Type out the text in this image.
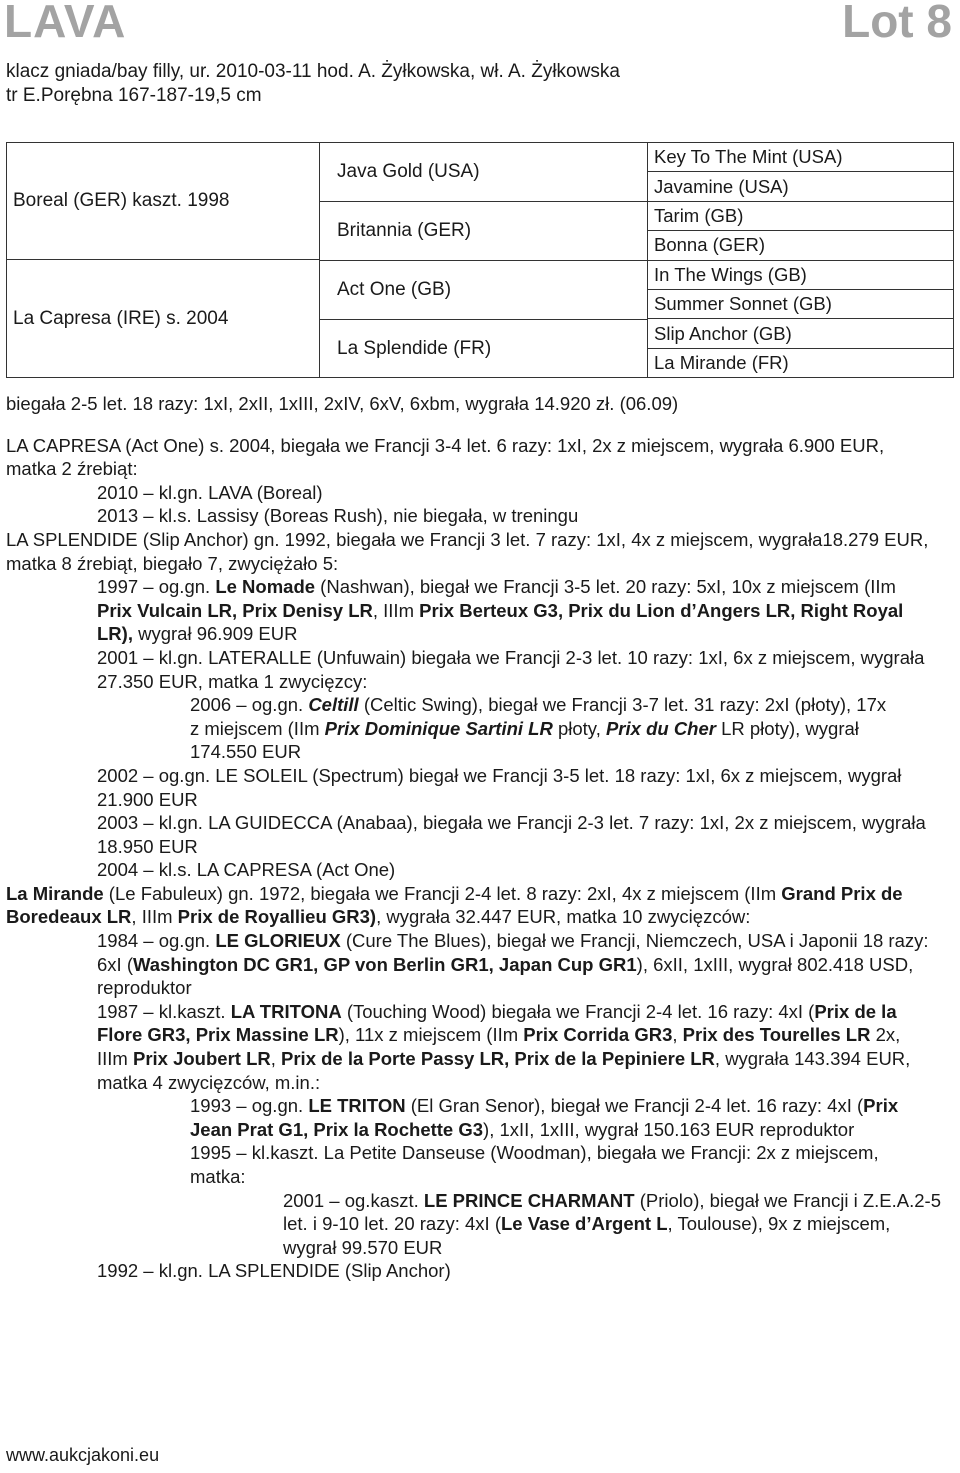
LAVA	Lot 8
klacz gniada/bay filly, ur. 2010-03-11 hod. A. Żyłkowska, wł. A. Żyłkowska
tr E.Porębna 167-187-19,5 cm
Boreal (GER) kaszt. 1998
La Capresa (IRE) s. 2004
Java Gold (USA)
Britannia (GER)
Act One (GB)
La Splendide (FR)
Key To The Mint (USA)
Javamine (USA)
Tarim (GB)
Bonna (GER)
In The Wings (GB)
Summer Sonnet (GB)
Slip Anchor (GB)
La Mirande (FR)

biegała 2-5 let. 18 razy: 1xI, 2xII, 1xIII, 2xIV, 6xV, 6xbm, wygrała 14.920 zł. (06.09)

LA CAPRESA (Act One) s. 2004, biegała we Francji 3-4 let. 6 razy: 1xI, 2x z miejscem, wygrała 6.900 EUR,

matka 2 źrebiąt:

2010 – kl.gn. LAVA (Boreal)

2013 – kl.s. Lassisy (Boreas Rush), nie biegała, w treningu

LA SPLENDIDE (Slip Anchor) gn. 1992, biegała we Francji 3 let. 7 razy: 1xI, 4x z miejscem, wygrała18.279 EUR,

matka 8 źrebiąt, biegało 7, zwyciężało 5:

1997 – og.gn. Le Nomade (Nashwan), biegał we Francji 3-5 let. 20 razy: 5xI, 10x z miejscem (IIm

Prix Vulcain LR, Prix Denisy LR, IIIm Prix Berteux G3, Prix du Lion d’Angers LR, Right Royal

LR), wygrał 96.909 EUR

2001 – kl.gn. LATERALLE (Unfuwain) biegała we Francji 2-3 let. 10 razy: 1xI, 6x z miejscem, wygrała

27.350 EUR, matka 1 zwycięzcy:

2006 – og.gn. Celtill (Celtic Swing), biegał we Francji 3-7 let. 31 razy: 2xI (płoty), 17x

z miejscem (IIm Prix Dominique Sartini LR płoty, Prix du Cher LR płoty), wygrał

174.550 EUR

2002 – og.gn. LE SOLEIL (Spectrum) biegał we Francji 3-5 let. 18 razy: 1xI, 6x z miejscem, wygrał

21.900 EUR

2003 – kl.gn. LA GUIDECCA (Anabaa), biegała we Francji 2-3 let. 7 razy: 1xI, 2x z miejscem, wygrała

18.950 EUR

2004 – kl.s. LA CAPRESA (Act One)

La Mirande (Le Fabuleux) gn. 1972, biegała we Francji 2-4 let. 8 razy: 2xI, 4x z miejscem (IIm Grand Prix de

Boredeaux LR, IIIm Prix de Royallieu GR3), wygrała 32.447 EUR, matka 10 zwycięzców:

1984 – og.gn. LE GLORIEUX (Cure The Blues), biegał we Francji, Niemczech, USA i Japonii 18 razy:

6xI (Washington DC GR1, GP von Berlin GR1, Japan Cup GR1), 6xII, 1xIII, wygrał 802.418 USD,

reproduktor

1987 – kl.kaszt. LA TRITONA (Touching Wood) biegała we Francji 2-4 let. 16 razy: 4xI (Prix de la

Flore GR3, Prix Massine LR), 11x z miejscem (IIm Prix Corrida GR3, Prix des Tourelles LR 2x,

IIIm Prix Joubert LR, Prix de la Porte Passy LR, Prix de la Pepiniere LR, wygrała 143.394 EUR,

matka 4 zwycięzców, m.in.:

1993 – og.gn. LE TRITON (El Gran Senor), biegał we Francji 2-4 let. 16 razy: 4xI (Prix

Jean Prat G1, Prix la Rochette G3), 1xII, 1xIII, wygrał 150.163 EUR reproduktor

1995 – kl.kaszt. La Petite Danseuse (Woodman), biegała we Francji: 2x z miejscem,

matka:

2001 – og.kaszt. LE PRINCE CHARMANT (Priolo), biegał we Francji i Z.E.A.2-5

let. i 9-10 let. 20 razy: 4xI (Le Vase d’Argent L, Toulouse), 9x z miejscem,

wygrał 99.570 EUR

1992 – kl.gn. LA SPLENDIDE (Slip Anchor)

www.aukcjakoni.eu
